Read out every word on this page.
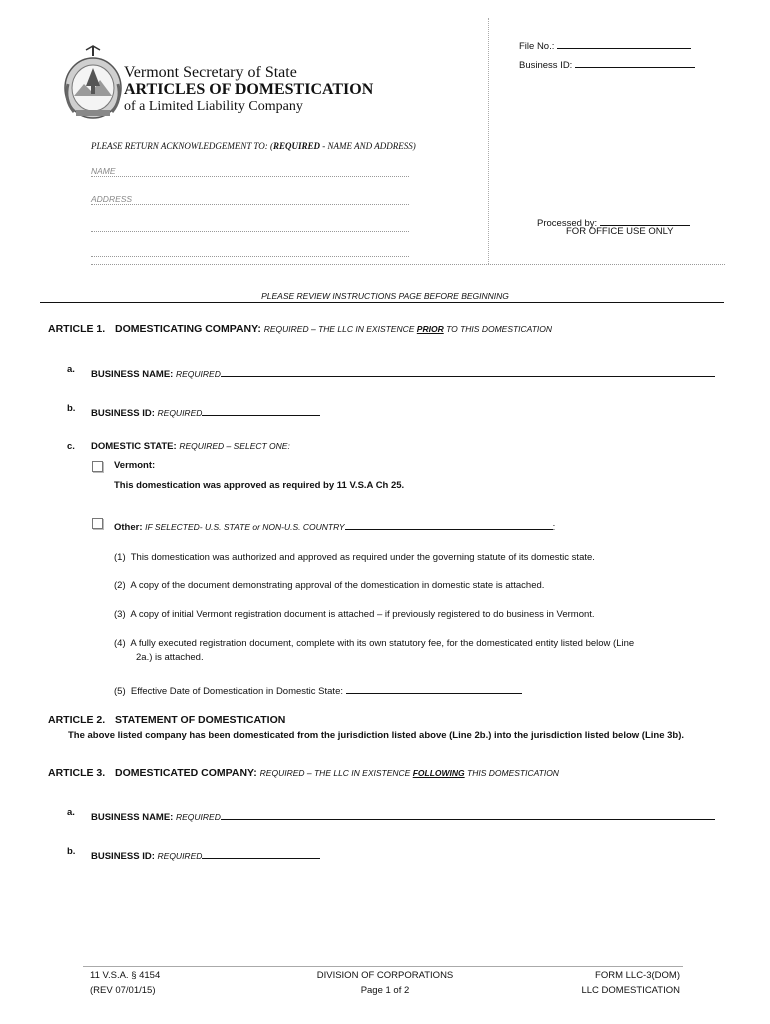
File No.:
Business ID:
Processed by:
FOR OFFICE USE ONLY
Vermont Secretary of State
ARTICLES OF DOMESTICATION
of a Limited Liability Company
PLEASE RETURN ACKNOWLEDGEMENT TO: (REQUIRED - NAME AND ADDRESS)
NAME
ADDRESS
PLEASE REVIEW INSTRUCTIONS PAGE BEFORE BEGINNING
ARTICLE 1. DOMESTICATING COMPANY: REQUIRED – THE LLC IN EXISTENCE PRIOR TO THIS DOMESTICATION
a. BUSINESS NAME: REQUIRED
b. BUSINESS ID: REQUIRED
c. DOMESTIC STATE: REQUIRED – SELECT ONE:
Vermont:
This domestication was approved as required by 11 V.S.A Ch 25.
Other: IF SELECTED- U.S. STATE or NON-U.S. COUNTRY	:
(1) This domestication was authorized and approved as required under the governing statute of its domestic state.
(2) A copy of the document demonstrating approval of the domestication in domestic state is attached.
(3) A copy of initial Vermont registration document is attached – if previously registered to do business in Vermont.
(4) A fully executed registration document, complete with its own statutory fee, for the domesticated entity listed below (Line
2a.) is attached.
(5) Effective Date of Domestication in Domestic State:
ARTICLE 2. STATEMENT OF DOMESTICATION
The above listed company has been domesticated from the jurisdiction listed above (Line 2b.) into the jurisdiction listed below (Line 3b).
ARTICLE 3. DOMESTICATED COMPANY: REQUIRED – THE LLC IN EXISTENCE FOLLOWING THIS DOMESTICATION
a. BUSINESS NAME: REQUIRED
b. BUSINESS ID: REQUIRED
11 V.S.A. § 4154
(REV 07/01/15)
DIVISION OF CORPORATIONS
Page 1 of 2
FORM LLC-3(DOM)
LLC DOMESTICATION
